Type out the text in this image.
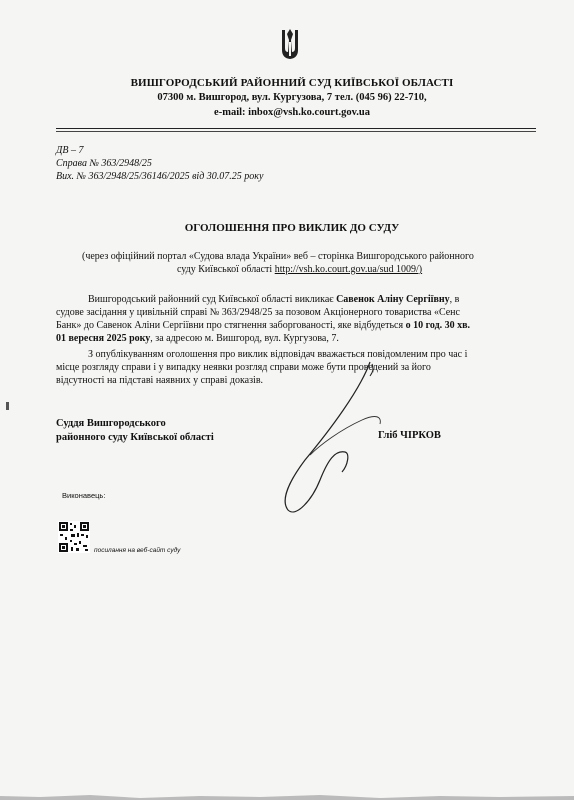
ВИШГОРОДСЬКИЙ РАЙОННИЙ СУД КИЇВСЬКОЇ ОБЛАСТІ
07300 м. Вишгород, вул. Кургузова, 7 тел. (045 96) 22-710,
e-mail: inbox@vsh.ko.court.gov.ua
ДВ – 7
Справа № 363/2948/25
Вих. № 363/2948/25/36146/2025 від 30.07.25 року
ОГОЛОШЕННЯ ПРО ВИКЛИК ДО СУДУ
(через офіційний портал «Судова влада України» веб – сторінка Вишгородського районного
суду Київської області http://vsh.ko.court.gov.ua/sud 1009/)
Вишгородський районний суд Київської області викликає Савенок Аліну Сергіївну, в
судове засідання у цивільній справі № 363/2948/25 за позовом Акціонерного товариства «Сенс
Банк» до Савенок Аліни Сергіївни про стягнення заборгованості, яке відбудеться о 10 год. 30 хв.
01 вересня 2025 року, за адресою м. Вишгород, вул. Кургузова, 7.
З опублікуванням оголошення про виклик відповідач вважається повідомленим про час і
місце розгляду справи і у випадку неявки розгляд справи може бути проведений за його
відсутності на підставі наявних у справі доказів.
Суддя Вишгородського
районного суду Київської області	Гліб ЧІРКОВ
Виконавець:
посилання на веб-сайт суду
